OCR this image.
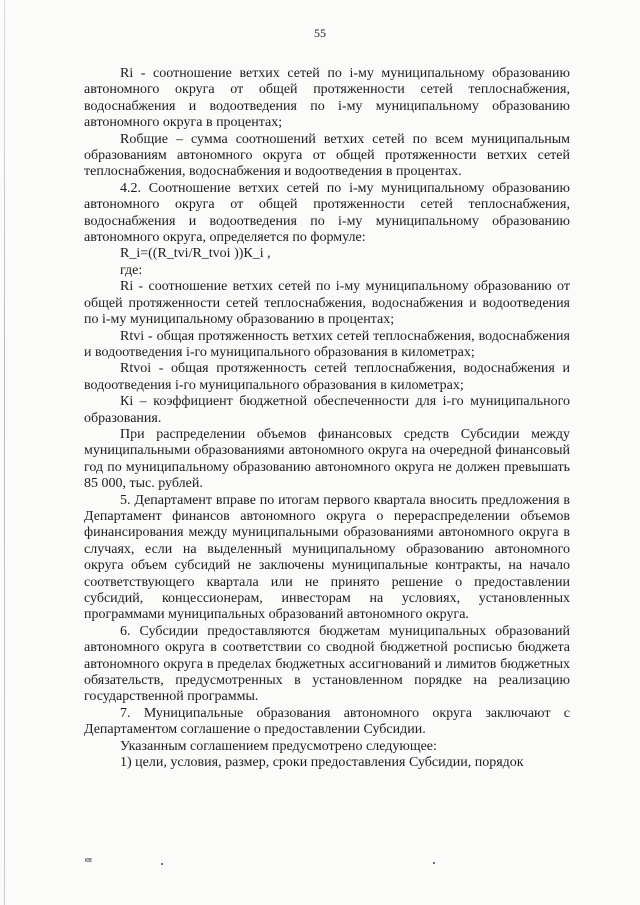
55

Ri - соотношение ветхих сетей по i-му муниципальному образованию автономного округа от общей протяженности сетей теплоснабжения, водоснабжения и водоотведения по i-му муниципальному образованию автономного округа в процентах;

Rобщие – сумма соотношений ветхих сетей по всем муниципальным образованиям автономного округа от общей протяженности ветхих сетей теплоснабжения, водоснабжения и водоотведения в процентах.

4.2. Соотношение ветхих сетей по i-му муниципальному образованию автономного округа от общей протяженности сетей теплоснабжения, водоснабжения и водоотведения по i-му муниципальному образованию автономного округа, определяется по формуле:

R_i=((R_tvi/R_tvoi ))К_i ,

где:

Ri - соотношение ветхих сетей по i-му муниципальному образованию от общей протяженности сетей теплоснабжения, водоснабжения и водоотведения по i-му муниципальному образованию в процентах;

Rtvi - общая протяженность ветхих сетей теплоснабжения, водоснабжения и водоотведения i-го муниципального образования в километрах;

Rtvoi - общая протяженность сетей теплоснабжения, водоснабжения и водоотведения i-го муниципального образования в километрах;

Кi – коэффициент бюджетной обеспеченности для i-го муниципального образования.

При распределении объемов финансовых средств Субсидии между муниципальными образованиями автономного округа на очередной финансовый год по муниципальному образованию автономного округа не должен превышать 85 000, тыс. рублей.

5. Департамент вправе по итогам первого квартала вносить предложения в Департамент финансов автономного округа о перераспределении объемов финансирования между муниципальными образованиями автономного округа в случаях, если на выделенный муниципальному образованию автономного округа объем субсидий не заключены муниципальные контракты, на начало соответствующего квартала или не принято решение о предоставлении субсидий, концессионерам, инвесторам на условиях, установленных программами муниципальных образований автономного округа.

6. Субсидии предоставляются бюджетам муниципальных образований автономного округа в соответствии со сводной бюджетной росписью бюджета автономного округа в пределах бюджетных ассигнований и лимитов бюджетных обязательств, предусмотренных в установленном порядке на реализацию государственной программы.

7. Муниципальные образования автономного округа заключают с Департаментом соглашение о предоставлении Субсидии.

Указанным соглашением предусмотрено следующее:

1) цели, условия, размер, сроки предоставления Субсидии, порядок

кв
